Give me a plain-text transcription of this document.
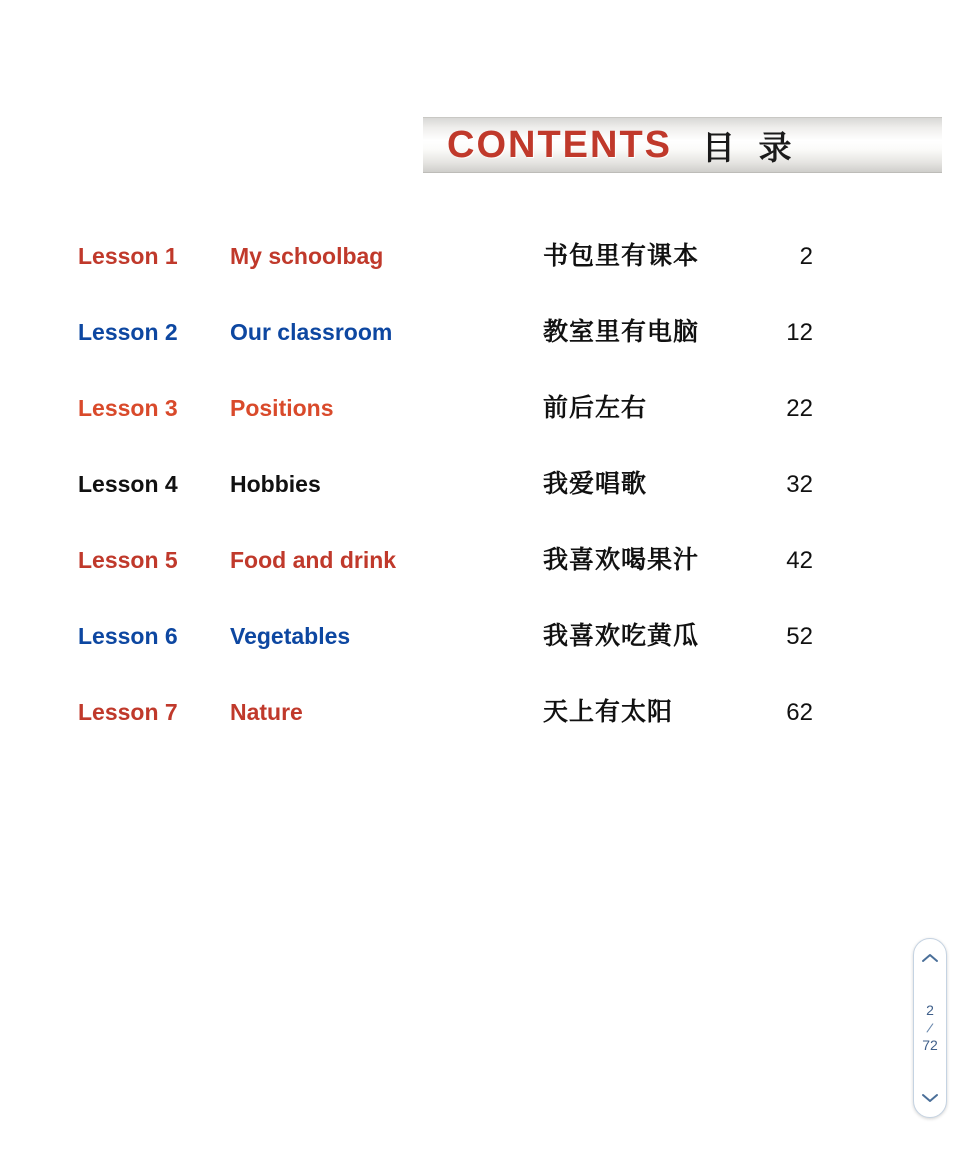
CONTENTS 目 录
Lesson 1	My schoolbag	书包里有课本	2
Lesson 2	Our classroom	教室里有电脑	12
Lesson 3	Positions	前后左右	22
Lesson 4	Hobbies	我爱唱歌	32
Lesson 5	Food and drink	我喜欢喝果汁	42
Lesson 6	Vegetables	我喜欢吃黄瓜	52
Lesson 7	Nature	天上有太阳	62
2
/
72
